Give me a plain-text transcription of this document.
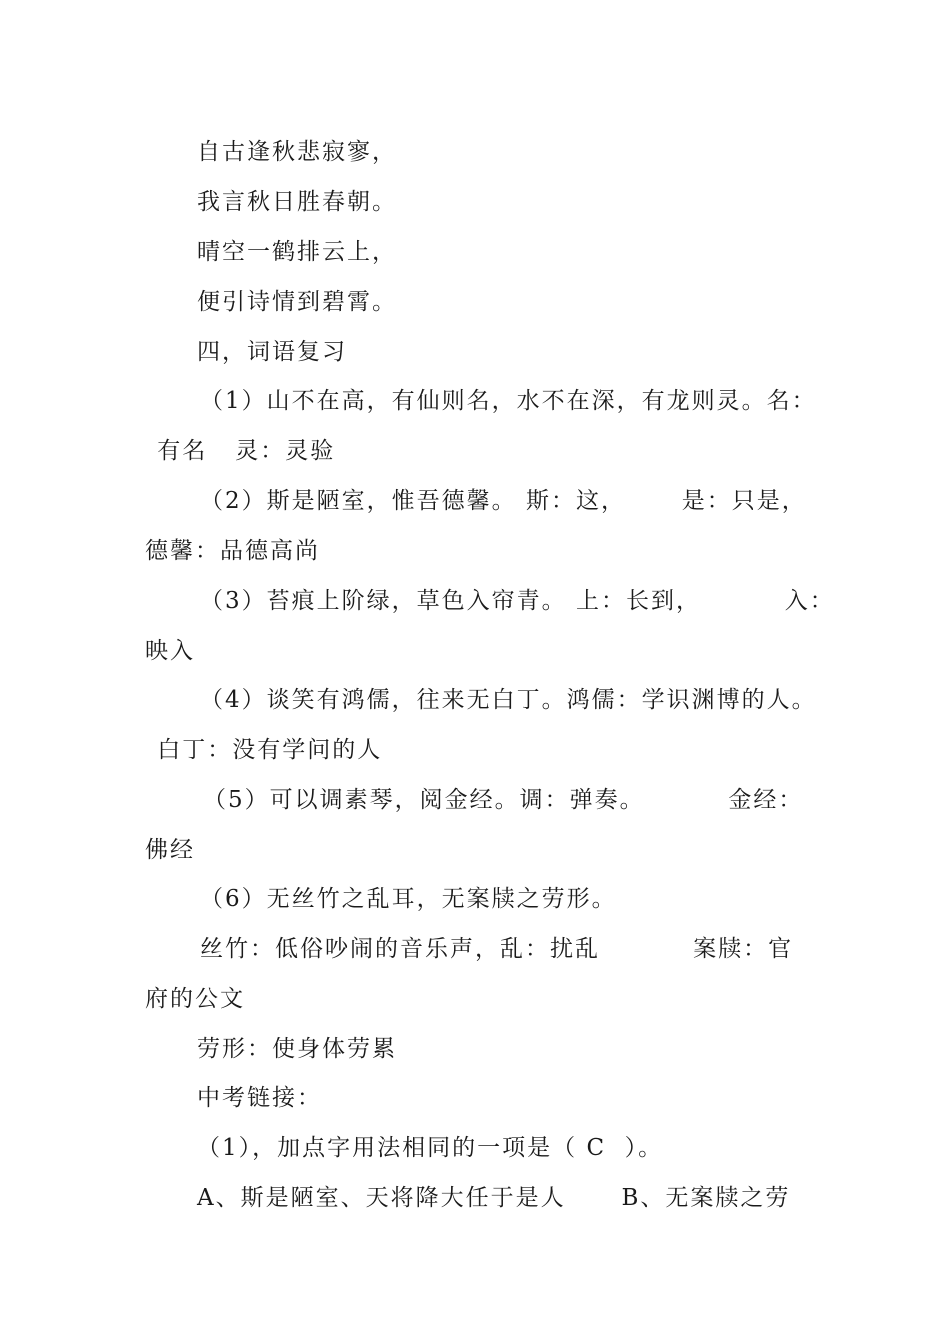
自古逢秋悲寂寥，
我言秋日胜春朝。
晴空一鹤排云上，
便引诗情到碧霄。
四，词语复习
（1）山不在高，有仙则名，水不在深，有龙则灵。名：
有名   灵：灵验
（2）斯是陋室，惟吾德馨。 斯：这，      是：只是，
德馨：品德高尚
（3）苔痕上阶绿，草色入帘青。 上：长到，         入：
映入
（4）谈笑有鸿儒，往来无白丁。鸿儒：学识渊博的人。
白丁：没有学问的人
（5）可以调素琴，阅金经。调：弹奏。         金经：
佛经
（6）无丝竹之乱耳，无案牍之劳形。
丝竹：低俗吵闹的音乐声，乱：扰乱          案牍：官
府的公文
劳形：使身体劳累
中考链接：
（1），加点字用法相同的一项是（ C  ）。
A、斯是陋室、天将降大任于是人      B、无案牍之劳
